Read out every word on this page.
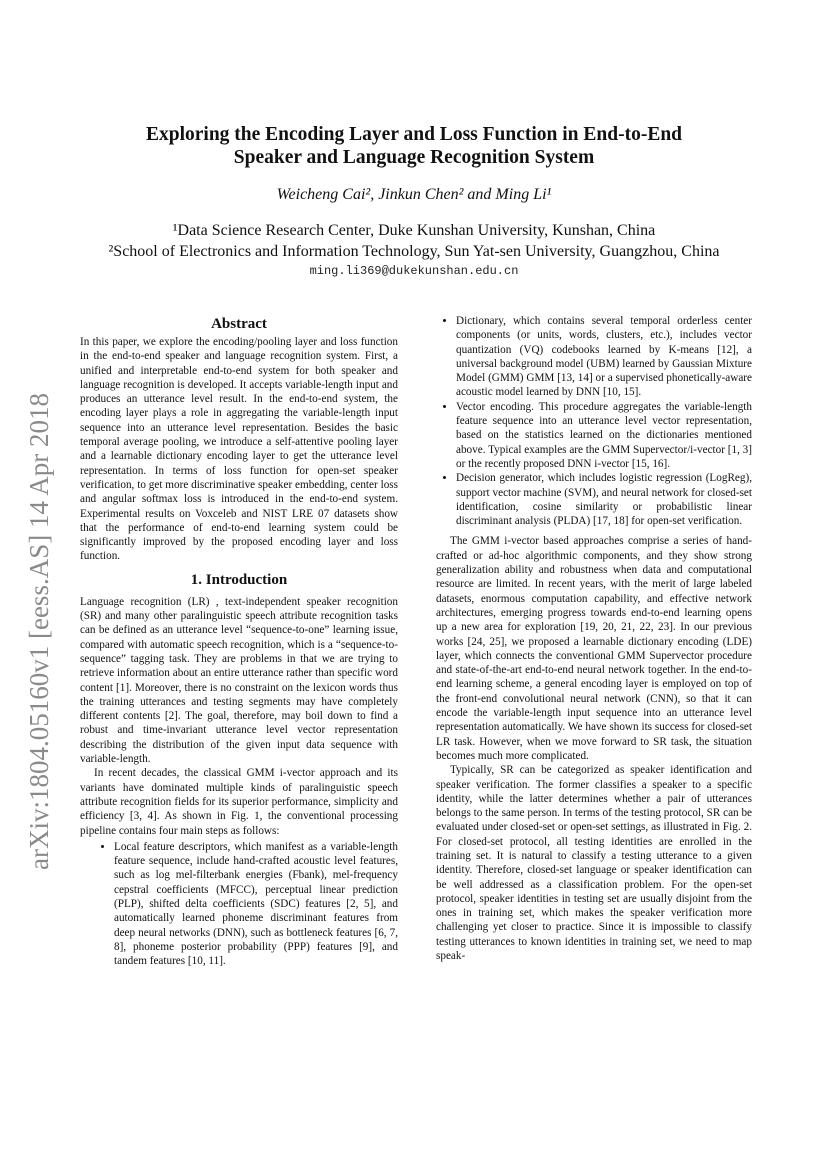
arXiv:1804.05160v1 [eess.AS] 14 Apr 2018
Exploring the Encoding Layer and Loss Function in End-to-End
Speaker and Language Recognition System
Weicheng Cai², Jinkun Chen² and Ming Li¹
¹Data Science Research Center, Duke Kunshan University, Kunshan, China
²School of Electronics and Information Technology, Sun Yat-sen University, Guangzhou, China
ming.li369@dukekunshan.edu.cn
Abstract

In this paper, we explore the encoding/pooling layer and loss function in the end-to-end speaker and language recognition system. First, a unified and interpretable end-to-end system for both speaker and language recognition is developed. It accepts variable-length input and produces an utterance level result. In the end-to-end system, the encoding layer plays a role in aggregating the variable-length input sequence into an utterance level representation. Besides the basic temporal average pooling, we introduce a self-attentive pooling layer and a learnable dictionary encoding layer to get the utterance level representation. In terms of loss function for open-set speaker verification, to get more discriminative speaker embedding, center loss and angular softmax loss is introduced in the end-to-end system. Experimental results on Voxceleb and NIST LRE 07 datasets show that the performance of end-to-end learning system could be significantly improved by the proposed encoding layer and loss function.

1. Introduction

Language recognition (LR) , text-independent speaker recognition (SR) and many other paralinguistic speech attribute recognition tasks can be defined as an utterance level “sequence-to-one” learning issue, compared with automatic speech recognition, which is a “sequence-to-sequence” tagging task. They are problems in that we are trying to retrieve information about an entire utterance rather than specific word content [1]. Moreover, there is no constraint on the lexicon words thus the training utterances and testing segments may have completely different contents [2]. The goal, therefore, may boil down to find a robust and time-invariant utterance level vector representation describing the distribution of the given input data sequence with variable-length.

In recent decades, the classical GMM i-vector approach and its variants have dominated multiple kinds of paralinguistic speech attribute recognition fields for its superior performance, simplicity and efficiency [3, 4]. As shown in Fig. 1, the conventional processing pipeline contains four main steps as follows:

• Local feature descriptors, which manifest as a variable-length feature sequence, include hand-crafted acoustic level features, such as log mel-filterbank energies (Fbank), mel-frequency cepstral coefficients (MFCC), perceptual linear prediction (PLP), shifted delta coefficients (SDC) features [2, 5], and automatically learned phoneme discriminant features from deep neural networks (DNN), such as bottleneck features [6, 7, 8], phoneme posterior probability (PPP) features [9], and tandem features [10, 11].
• Dictionary, which contains several temporal orderless center components (or units, words, clusters, etc.), includes vector quantization (VQ) codebooks learned by K-means [12], a universal background model (UBM) learned by Gaussian Mixture Model (GMM) GMM [13, 14] or a supervised phonetically-aware acoustic model learned by DNN [10, 15].
• Vector encoding. This procedure aggregates the variable-length feature sequence into an utterance level vector representation, based on the statistics learned on the dictionaries mentioned above. Typical examples are the GMM Supervector/i-vector [1, 3] or the recently proposed DNN i-vector [15, 16].
• Decision generator, which includes logistic regression (LogReg), support vector machine (SVM), and neural network for closed-set identification, cosine similarity or probabilistic linear discriminant analysis (PLDA) [17, 18] for open-set verification.

The GMM i-vector based approaches comprise a series of hand-crafted or ad-hoc algorithmic components, and they show strong generalization ability and robustness when data and computational resource are limited. In recent years, with the merit of large labeled datasets, enormous computation capability, and effective network architectures, emerging progress towards end-to-end learning opens up a new area for exploration [19, 20, 21, 22, 23]. In our previous works [24, 25], we proposed a learnable dictionary encoding (LDE) layer, which connects the conventional GMM Supervector procedure and state-of-the-art end-to-end neural network together. In the end-to-end learning scheme, a general encoding layer is employed on top of the front-end convolutional neural network (CNN), so that it can encode the variable-length input sequence into an utterance level representation automatically. We have shown its success for closed-set LR task. However, when we move forward to SR task, the situation becomes much more complicated.

Typically, SR can be categorized as speaker identification and speaker verification. The former classifies a speaker to a specific identity, while the latter determines whether a pair of utterances belongs to the same person. In terms of the testing protocol, SR can be evaluated under closed-set or open-set settings, as illustrated in Fig. 2. For closed-set protocol, all testing identities are enrolled in the training set. It is natural to classify a testing utterance to a given identity. Therefore, closed-set language or speaker identification can be well addressed as a classification problem. For the open-set protocol, speaker identities in testing set are usually disjoint from the ones in training set, which makes the speaker verification more challenging yet closer to practice. Since it is impossible to classify testing utterances to known identities in training set, we need to map speak-
